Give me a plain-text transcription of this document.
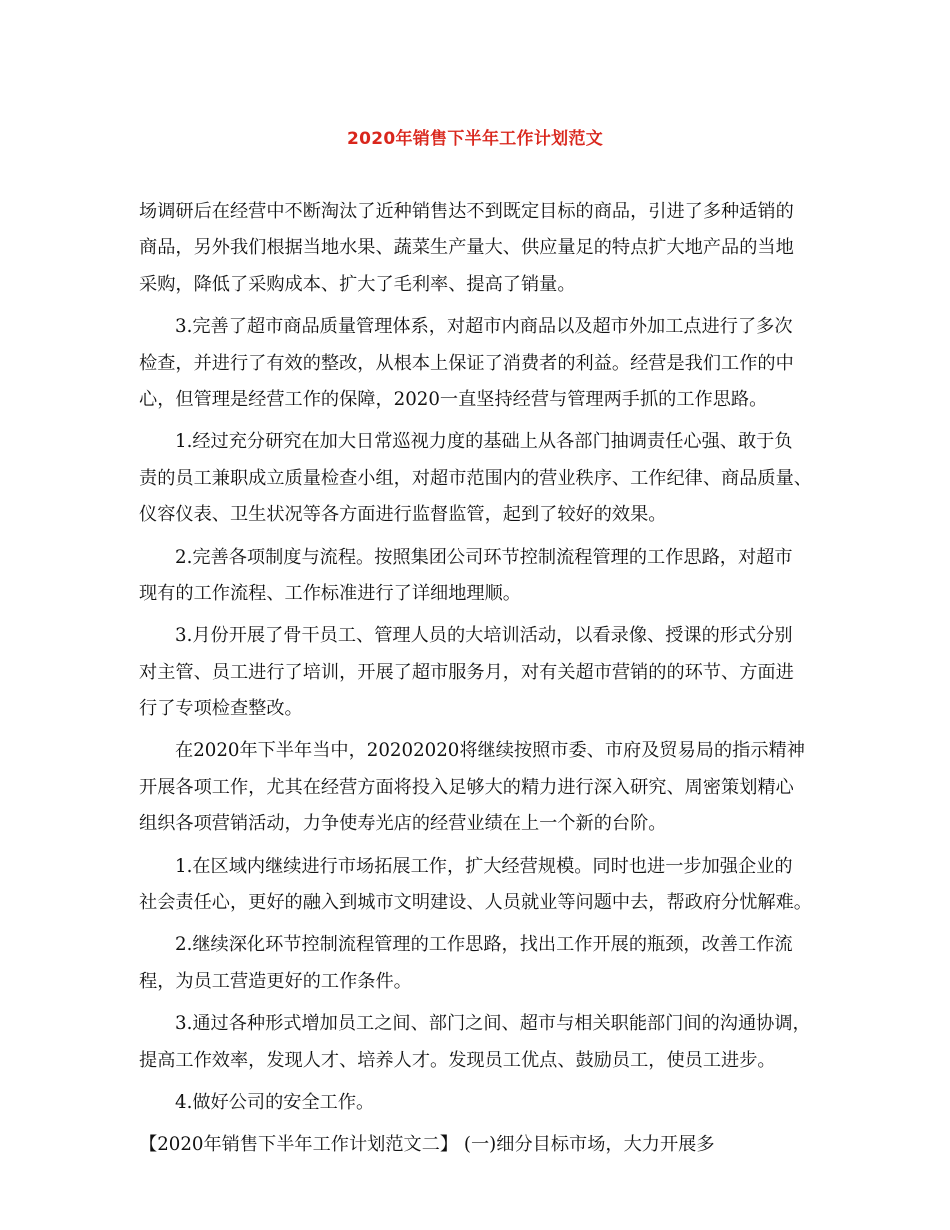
2020年销售下半年工作计划范文
场调研后在经营中不断淘汰了近种销售达不到既定目标的商品，引进了多种适销的
商品，另外我们根据当地水果、蔬菜生产量大、供应量足的特点扩大地产品的当地
采购，降低了采购成本、扩大了毛利率、提高了销量。
3.完善了超市商品质量管理体系，对超市内商品以及超市外加工点进行了多次
检查，并进行了有效的整改，从根本上保证了消费者的利益。经营是我们工作的中
心，但管理是经营工作的保障，2020一直坚持经营与管理两手抓的工作思路。
1.经过充分研究在加大日常巡视力度的基础上从各部门抽调责任心强、敢于负
责的员工兼职成立质量检查小组，对超市范围内的营业秩序、工作纪律、商品质量、
仪容仪表、卫生状况等各方面进行监督监管，起到了较好的效果。
2.完善各项制度与流程。按照集团公司环节控制流程管理的工作思路，对超市
现有的工作流程、工作标准进行了详细地理顺。
3.月份开展了骨干员工、管理人员的大培训活动，以看录像、授课的形式分别
对主管、员工进行了培训，开展了超市服务月，对有关超市营销的的环节、方面进
行了专项检查整改。
在2020年下半年当中，20202020将继续按照市委、市府及贸易局的指示精神
开展各项工作，尤其在经营方面将投入足够大的精力进行深入研究、周密策划精心
组织各项营销活动，力争使寿光店的经营业绩在上一个新的台阶。
1.在区域内继续进行市场拓展工作，扩大经营规模。同时也进一步加强企业的
社会责任心，更好的融入到城市文明建设、人员就业等问题中去，帮政府分忧解难。
2.继续深化环节控制流程管理的工作思路，找出工作开展的瓶颈，改善工作流
程，为员工营造更好的工作条件。
3.通过各种形式增加员工之间、部门之间、超市与相关职能部门间的沟通协调，
提高工作效率，发现人才、培养人才。发现员工优点、鼓励员工，使员工进步。
4.做好公司的安全工作。
【2020年销售下半年工作计划范文二】 (一)细分目标市场，大力开展多
